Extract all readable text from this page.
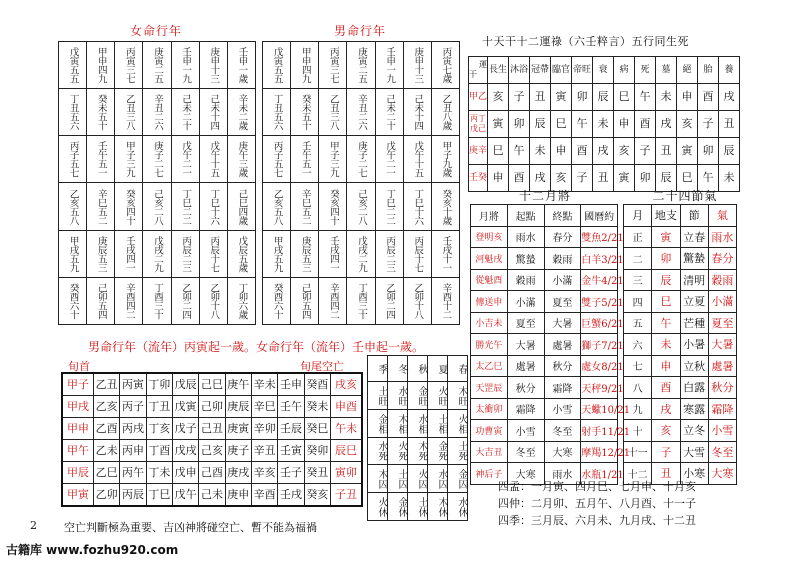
女命行年
戊寅五五	甲申四九	丙寅三七	庚寅二五	壬申一九	庚申十三	壬申一歲
丁丑五六	癸未五十	乙丑三八	辛丑二六	己未二十	己未十四	辛未二歲
丙子五七	壬午五一	甲子三九	庚子二七	戊午二一	戊午十五	庚午三歲
乙亥五八	辛巳五二	癸亥四十	己亥二八	丁巳二二	丁巳十六	己巳四歲
甲戌五九	庚辰五三	壬戌四一	戊戌二九	丙辰二三	丙辰十七	戊辰五歲
癸酉六十	己卯五四	辛酉四二	丁酉三十	乙卯二四	乙卯十八	丁卯六歲
男命行年
戊寅五五	甲申四九	丙寅三七	庚寅二五	壬申一九	庚申十三	丙寅七歲
丁丑五六	癸未五十	乙丑三八	辛丑二六	己未二十	己未十四	乙丑八歲
丙子五七	壬午五一	甲子三九	庚子二七	戊午二一	戊午十五	甲子九歲
乙亥五八	辛巳五二	癸亥四十	己亥二八	丁巳二二	丁巳十六	癸亥十歲
甲戌五九	庚辰五三	壬戌四一	戊戌二九	丙辰二三	丙辰十七	壬戌十一
癸酉六十	己卯五四	辛酉四二	丁酉三十	乙卯二四	乙卯十八	辛酉十二
男命行年（流年）丙寅起一歲。女命行年（流年）壬申起一歲。
旬首	旬尾空亡
甲子	乙丑	丙寅	丁卯	戊辰	己巳	庚午	辛未	壬申	癸酉	戌亥
甲戌	乙亥	丙子	丁丑	戊寅	己卯	庚辰	辛巳	壬午	癸未	申酉
甲申	乙酉	丙戌	丁亥	戊子	己丑	庚寅	辛卯	壬辰	癸巳	午未
甲午	乙未	丙申	丁酉	戊戌	己亥	庚子	辛丑	壬寅	癸卯	辰巳
甲辰	乙巳	丙午	丁未	戊申	己酉	庚戌	辛亥	壬子	癸丑	寅卯
甲寅	乙卯	丙辰	丁巳	戊午	己未	庚申	辛酉	壬戌	癸亥	子丑
季	冬	秋	夏	春
土旺	水旺	金旺	火旺	木旺
金相	木相	水相	土相	火相
水死	火死	木死	金死	土死
木囚	土囚	火囚	水囚	金囚
火休	金休	土休	木休	水休
十天干十二運祿（六壬粹言）五行同生死
運
干	長生	沐浴	冠帶	臨官	帝旺	衰	病	死	墓	絕	胎	養
甲乙	亥	子	丑	寅	卯	辰	巳	午	未	申	酉	戌
丙丁戊己	寅	卯	辰	巳	午	未	申	酉	戌	亥	子	丑
庚辛	巳	午	未	申	酉	戌	亥	子	丑	寅	卯	辰
壬癸	申	酉	戌	亥	子	丑	寅	卯	辰	巳	午	未
十二月將
月將	起點	終點	國曆約
登明亥	雨水	春分	雙魚2/21
河魁戌	驚蟄	穀雨	白羊3/21
從魁酉	穀雨	小滿	金牛4/21
傳送申	小滿	夏至	雙子5/21
小吉未	夏至	大暑	巨蟹6/21
勝光午	大暑	處暑	獅子7/21
太乙巳	處暑	秋分	處女8/21
天罡辰	秋分	霜降	天秤9/21
太衝卯	霜降	小雪	天蠍10/21
功曹寅	小雪	冬至	射手11/21
大吉丑	冬至	大寒	摩羯12/21
神后子	大寒	雨水	水瓶1/21
二十四節氣
月	地支	節	氣
正	寅	立春	雨水
二	卯	驚蟄	春分
三	辰	清明	穀雨
四	巳	立夏	小滿
五	午	芒種	夏至
六	未	小暑	大暑
七	申	立秋	處暑
八	酉	白露	秋分
九	戌	寒露	霜降
十	亥	立冬	小雪
十一	子	大雪	冬至
十二	丑	小寒	大寒
四孟：一月寅、四月巳、七月申、十月亥
四仲：二月卯、五月午、八月酉、十一子
四季：三月辰、六月未、九月戌、十二丑
2 空亡判斷極為重要、吉凶神將碰空亡、暫不能為福禍
古籍库 www.fozhu920.com
